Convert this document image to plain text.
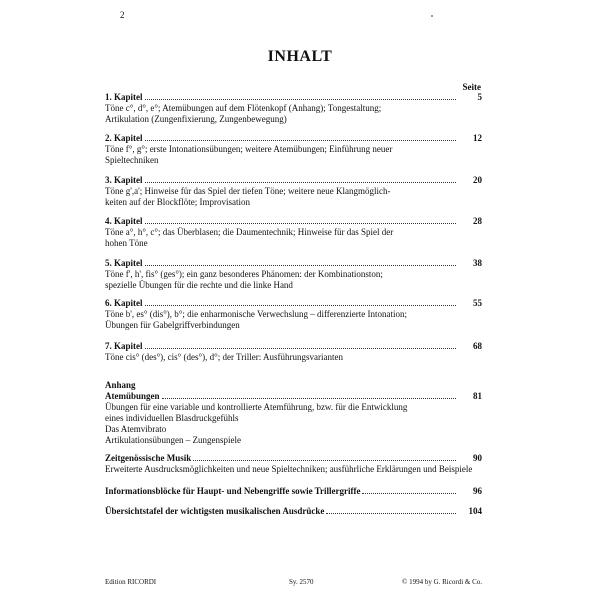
2
INHALT
Seite
1. Kapitel	5
Töne c°, d°, e°; Atemübungen auf dem Flötenkopf (Anhang); Tongestaltung;
Artikulation (Zungenfixierung, Zungenbewegung)
2. Kapitel	12
Töne f°, g°; erste Intonationsübungen; weitere Atemübungen; Einführung neuer
Spieltechniken
3. Kapitel	20
Töne g',a'; Hinweise für das Spiel der tiefen Töne; weitere neue Klangmöglich-
keiten auf der Blockflöte; Improvisation
4. Kapitel	28
Töne a°, h°, c°; das Überblasen; die Daumentechnik; Hinweise für das Spiel der
hohen Töne
5. Kapitel	38
Töne f', h', fis° (ges°); ein ganz besonderes Phänomen: der Kombinationston;
spezielle Übungen für die rechte und die linke Hand
6. Kapitel	55
Töne b', es° (dis°), b°; die enharmonische Verwechslung – differenzierte Intonation;
Übungen für Gabelgriffverbindungen
7. Kapitel	68
Töne cis° (des°), cis° (des°), d°; der Triller: Ausführungsvarianten
Anhang
Atemübungen	81
Übungen für eine variable und kontrollierte Atemführung, bzw. für die Entwicklung
eines individuellen Blasdruckgefühls
Das Atemvibrato
Artikulationsübungen – Zungenspiele
Zeitgenössische Musik	90
Erweiterte Ausdrucksmöglichkeiten und neue Spieltechniken; ausführliche Erklärungen und Beispiele
Informationsblöcke für Haupt- und Nebengriffe sowie Trillergriffe	96
Übersichtstafel der wichtigsten musikalischen Ausdrücke	104
Edition RICORDI	Sy. 2570	© 1994 by G. Ricordi & Co.
